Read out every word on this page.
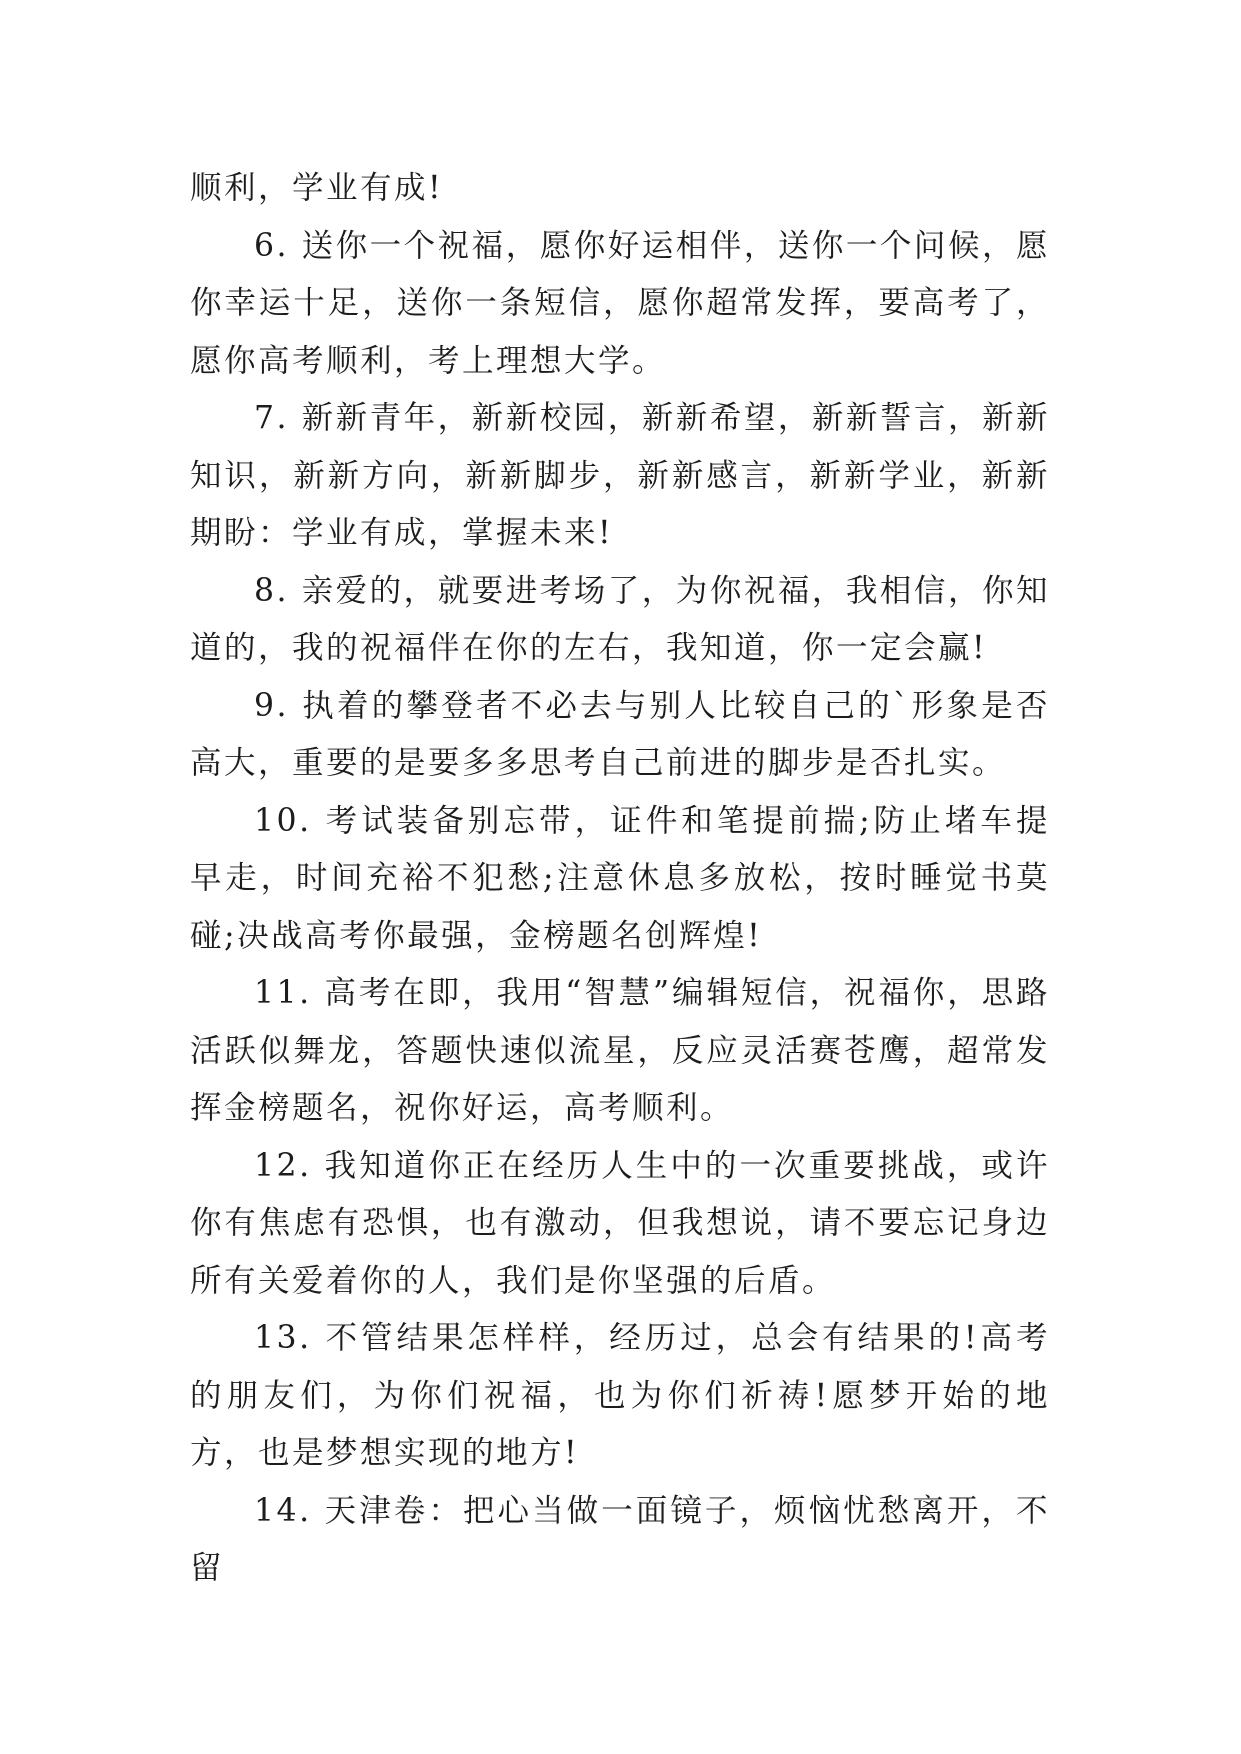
顺利，学业有成!

6. 送你一个祝福，愿你好运相伴，送你一个问候，愿你幸运十足，送你一条短信，愿你超常发挥，要高考了，愿你高考顺利，考上理想大学。

7. 新新青年，新新校园，新新希望，新新誓言，新新知识，新新方向，新新脚步，新新感言，新新学业，新新期盼：学业有成，掌握未来!

8. 亲爱的，就要进考场了，为你祝福，我相信，你知道的，我的祝福伴在你的左右，我知道，你一定会赢!

9. 执着的攀登者不必去与别人比较自己的`形象是否高大，重要的是要多多思考自己前进的脚步是否扎实。

10. 考试装备别忘带，证件和笔提前揣;防止堵车提早走，时间充裕不犯愁;注意休息多放松，按时睡觉书莫碰;决战高考你最强，金榜题名创辉煌!

11. 高考在即，我用“智慧”编辑短信，祝福你，思路活跃似舞龙，答题快速似流星，反应灵活赛苍鹰，超常发挥金榜题名，祝你好运，高考顺利。

12. 我知道你正在经历人生中的一次重要挑战，或许你有焦虑有恐惧，也有激动，但我想说，请不要忘记身边所有关爱着你的人，我们是你坚强的后盾。

13. 不管结果怎样样，经历过，总会有结果的!高考的朋友们，为你们祝福，也为你们祈祷!愿梦开始的地方，也是梦想实现的地方!

14. 天津卷：把心当做一面镜子，烦恼忧愁离开，不留
